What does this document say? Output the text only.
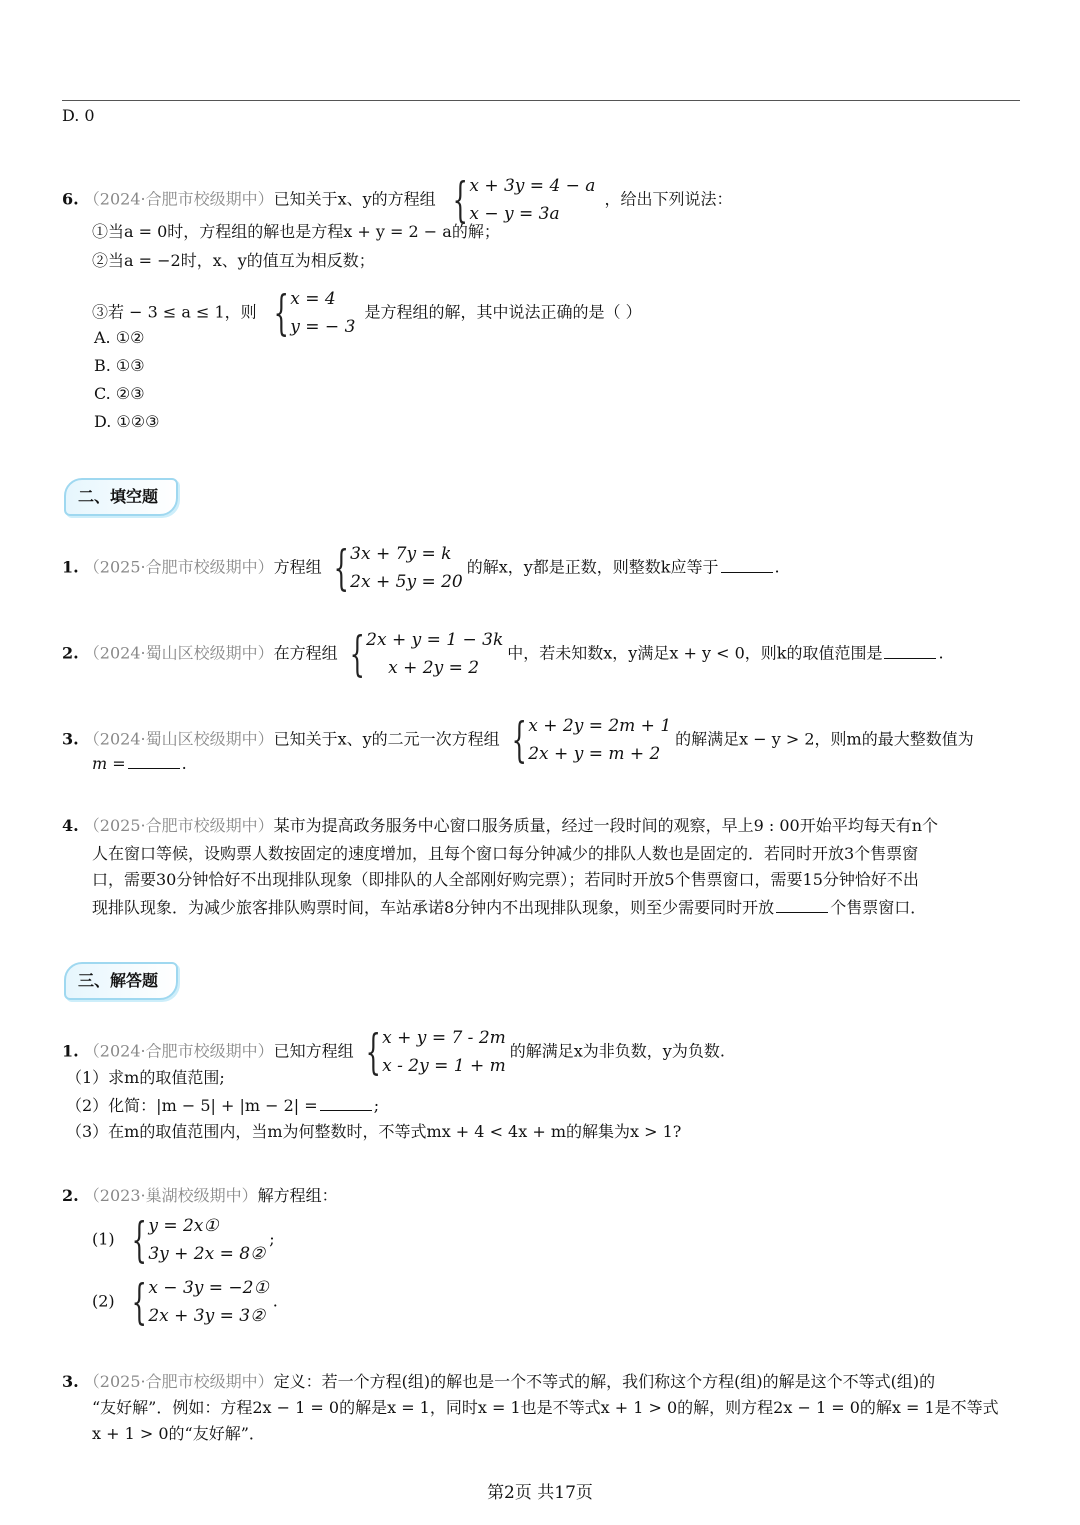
D. 0
6. （2024·合肥市校级期中）已知关于x、y的方程组 { x + 3y = 4 − a
x − y = 3a
，给出下列说法：
①当a = 0时，方程组的解也是方程x + y = 2 − a的解；
②当a = −2时，x、y的值互为相反数；
③若 − 3 ≤ a ≤ 1，则 { x = 4
y = − 3
是方程组的解，其中说法正确的是（ ）
A. ①②
B. ①③
C. ②③
D. ①②③
二、填空题
1. （2025·合肥市校级期中）方程组 { 3x + 7y = k
2x + 5y = 20
的解x，y都是正数，则整数k应等于	.
2. （2024·蜀山区校级期中）在方程组 { 2x + y = 1 − 3k
x + 2y = 2
中，若未知数x，y满足x + y < 0，则k的取值范围是	.
3. （2024·蜀山区校级期中）已知关于x、y的二元一次方程组 { x + 2y = 2m + 1
2x + y = m + 2
的解满足x − y > 2，则m的最大整数值为
m =	.
4. （2025·合肥市校级期中）某市为提高政务服务中心窗口服务质量，经过一段时间的观察，早上9 : 00开始平均每天有n个
人在窗口等候，设购票人数按固定的速度增加，且每个窗口每分钟减少的排队人数也是固定的．若同时开放3个售票窗
口，需要30分钟恰好不出现排队现象（即排队的人全部刚好购完票）；若同时开放5个售票窗口，需要15分钟恰好不出
现排队现象．为减少旅客排队购票时间，车站承诺8分钟内不出现排队现象，则至少需要同时开放	个售票窗口．
三、解答题
1. （2024·合肥市校级期中）已知方程组 { x + y = 7 - 2m
x - 2y = 1 + m
的解满足x为非负数，y为负数.
（1）求m的取值范围;
（2）化简：|m − 5| + |m − 2| =	;
（3）在m的取值范围内，当m为何整数时，不等式mx + 4 < 4x + m的解集为x > 1?
2. （2023·巢湖校级期中）解方程组：
(1) { y = 2x①
3y + 2x = 8②
;
(2) { x − 3y = −2①
2x + 3y = 3②
.
3. （2025·合肥市校级期中）定义：若一个方程(组)的解也是一个不等式的解，我们称这个方程(组)的解是这个不等式(组)的
“友好解”．例如：方程2x − 1 = 0的解是x = 1，同时x = 1也是不等式x + 1 > 0的解，则方程2x − 1 = 0的解x = 1是不等式
x + 1 > 0的“友好解”．
第2页 共17页
